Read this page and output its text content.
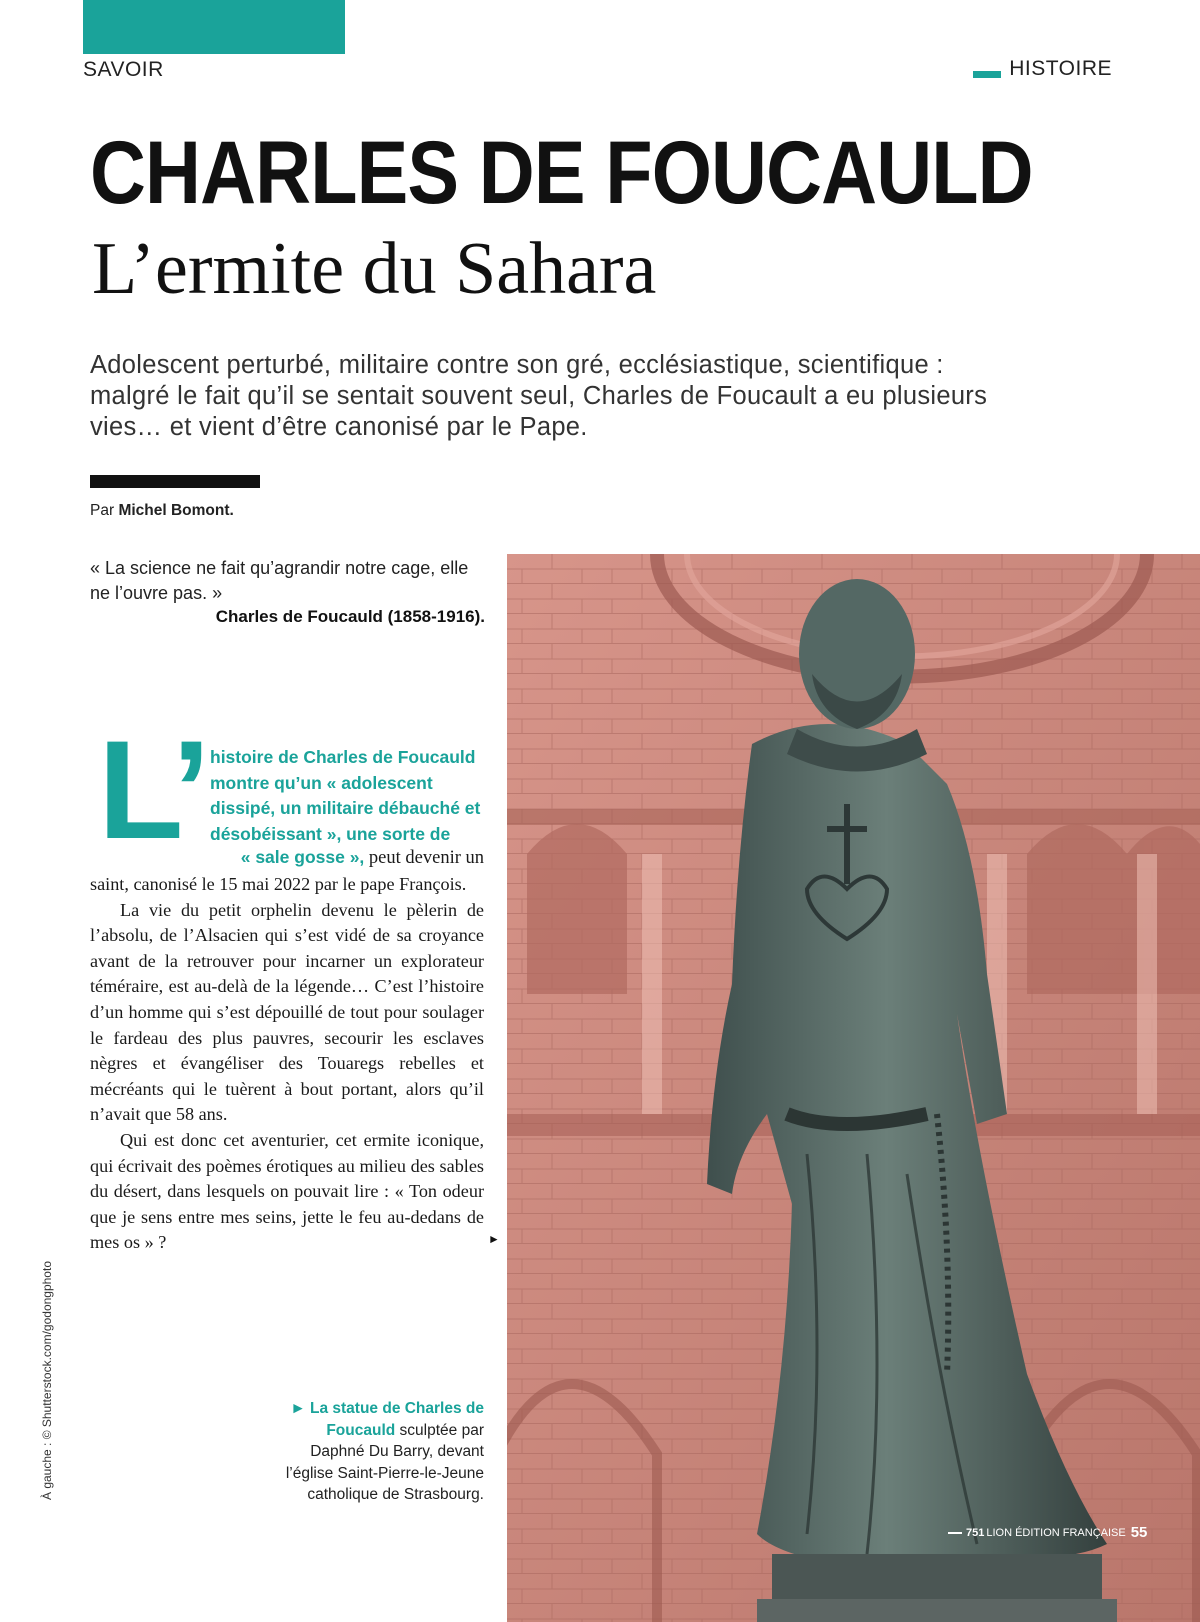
SAVOIR	HISTOIRE
CHARLES DE FOUCAULD
L’ermite du Sahara
Adolescent perturbé, militaire contre son gré, ecclésiastique, scientifique : malgré le fait qu’il se sentait souvent seul, Charles de Foucault a eu plusieurs vies… et vient d’être canonisé par le Pape.
Par Michel Bomont.
« La science ne fait qu’agrandir notre cage, elle ne l’ouvre pas. »
Charles de Foucauld (1858-1916).
L’ histoire de Charles de Foucauld montre qu’un « adolescent dissipé, un militaire débauché et désobéissant », une sorte de
« sale gosse », peut devenir un

saint, canonisé le 15 mai 2022 par le pape François.

La vie du petit orphelin devenu le pèlerin de l’absolu, de l’Alsacien qui s’est vidé de sa croyance avant de la retrouver pour incarner un explorateur téméraire, est au-delà de la légende… C’est l’histoire d’un homme qui s’est dépouillé de tout pour soulager le fardeau des plus pauvres, secourir les esclaves nègres et évangéliser des Touaregs rebelles et mécréants qui le tuèrent à bout portant, alors qu’il n’avait que 58 ans.

Qui est donc cet aventurier, cet ermite iconique, qui écrivait des poèmes érotiques au milieu des sables du désert, dans lesquels on pouvait lire : « Ton odeur que je sens entre mes seins, jette le feu au-dedans de mes os » ?	►
► La statue de Charles de Foucauld sculptée par Daphné Du Barry, devant l’église Saint-Pierre-le-Jeune catholique de Strasbourg.
À gauche : © Shutterstock.com/godongphoto
751 LION ÉDITION FRANÇAISE 55
